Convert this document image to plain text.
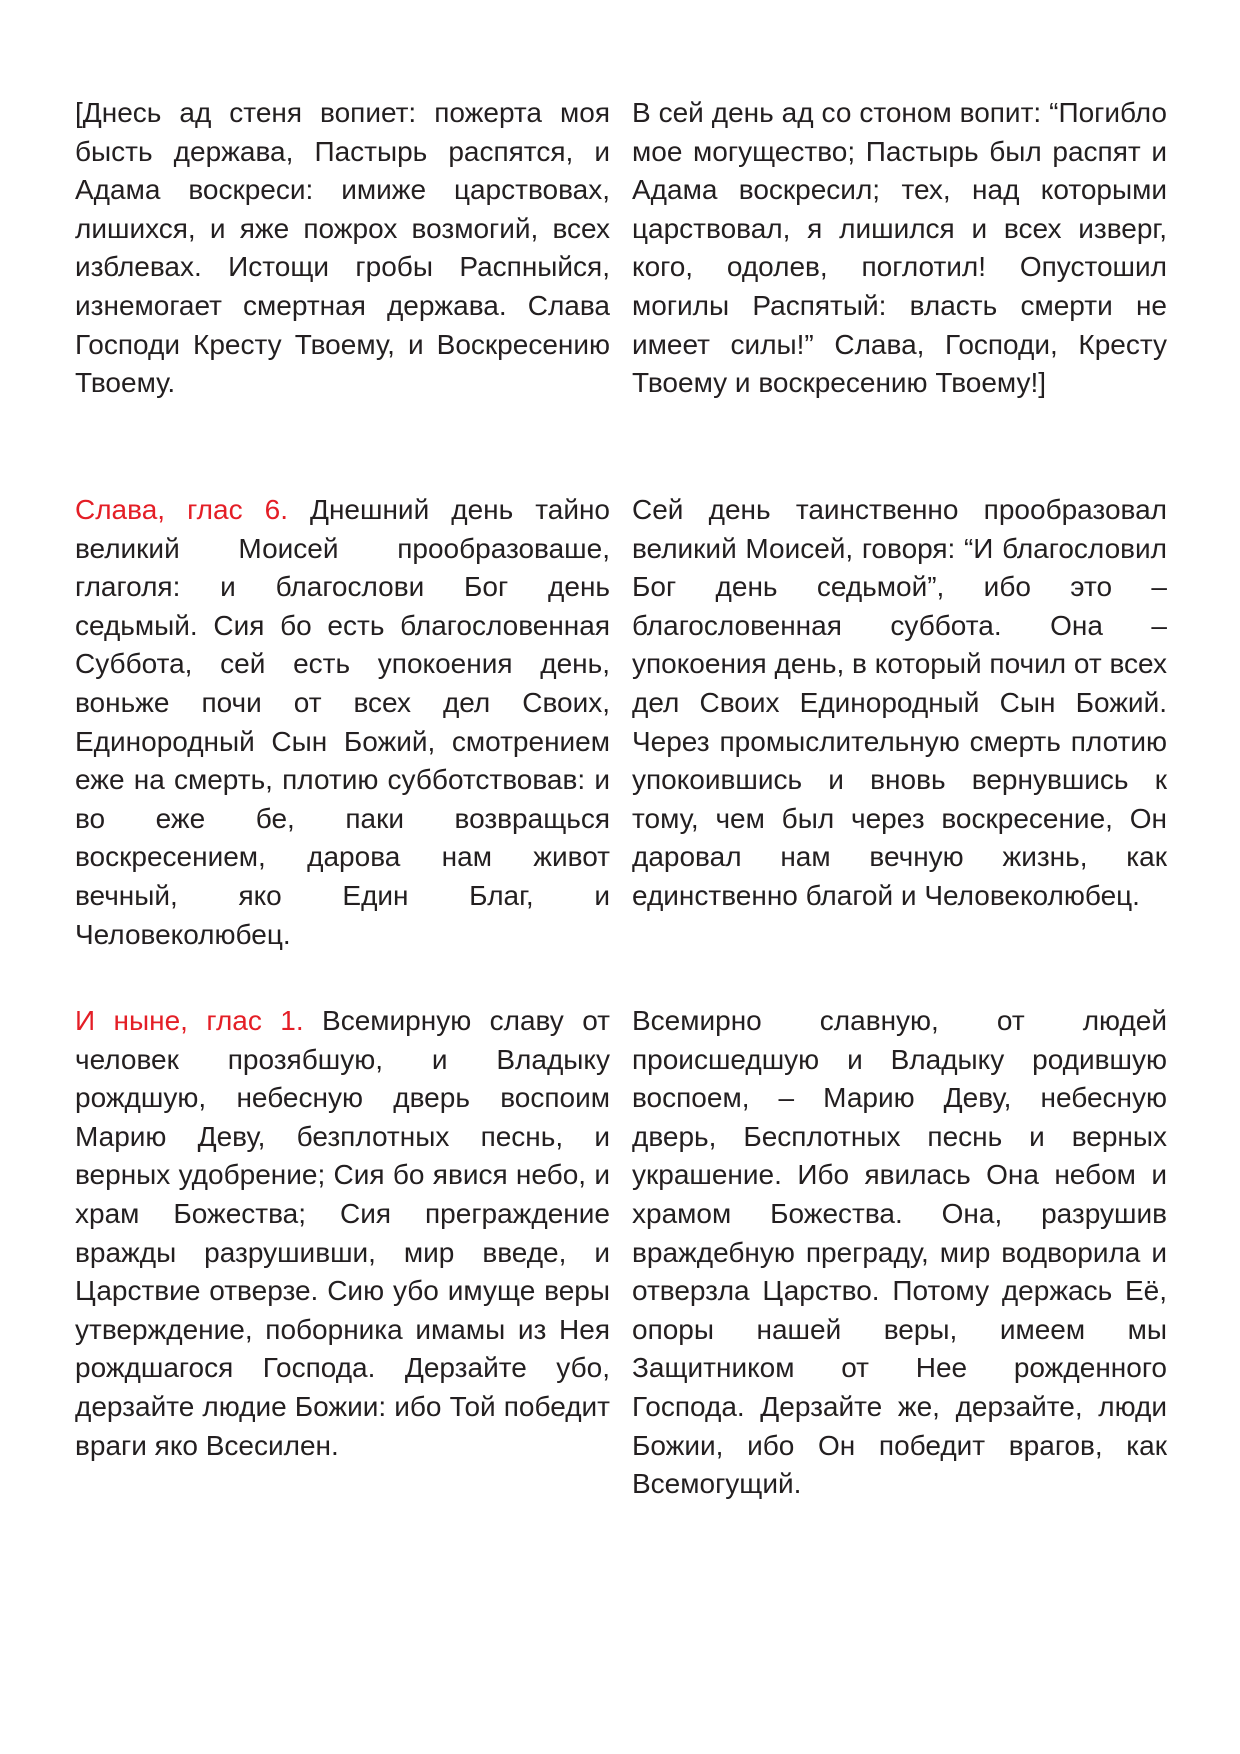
[Днесь ад стеня вопиет: пожерта моя бысть держава, Пастырь распятся, и Адама воскреси: имиже царствовах, лишихся, и яже пожрох возмогий, всех изблевах. Истощи гробы Распныйся, изнемогает смертная держава. Слава Господи Кресту Твоему, и Воскресению Твоему.

В сей день ад со стоном вопит: “Погибло мое могущество; Пастырь был распят и Адама воскресил; тех, над которыми царствовал, я лишился и всех изверг, кого, одолев, поглотил! Опустошил могилы Распятый: власть смерти не имеет силы!” Слава, Господи, Кресту Твоему и воскресению Твоему!]

Слава, глас 6. Днешний день тайно великий Моисей прообразоваше, глаголя: и благослови Бог день седьмый. Сия бо есть благословенная Суббота, сей есть упокоения день, воньже почи от всех дел Своих, Единородный Сын Божий, смотрением еже на смерть, плотию субботствовав: и во еже бе, паки возвращься воскресением, дарова нам живот вечный, яко Един Благ, и Человеколюбец.

Сей день таинственно прообразовал великий Моисей, говоря: “И благословил Бог день седьмой”, ибо это – благословенная суббота. Она – упокоения день, в который почил от всех дел Своих Единородный Сын Божий. Через промыслительную смерть плотию упокоившись и вновь вернувшись к тому, чем был через воскресение, Он даровал нам вечную жизнь, как единственно благой и Человеколюбец.

И ныне, глас 1. Всемирную славу от человек прозябшую, и Владыку рождшую, небесную дверь воспоим Марию Деву, безплотных песнь, и верных удобрение; Сия бо явися небо, и храм Божества; Сия преграждение вражды разрушивши, мир введе, и Царствие отверзе. Сию убо имуще веры утверждение, поборника имамы из Нея рождшагося Господа. Дерзайте убо, дерзайте людие Божии: ибо Той победит враги яко Всесилен.

Всемирно славную, от людей происшедшую и Владыку родившую воспоем, – Марию Деву, небесную дверь, Бесплотных песнь и верных украшение. Ибо явилась Она небом и храмом Божества. Она, разрушив враждебную преграду, мир водворила и отверзла Царство. Потому держась Её, опоры нашей веры, имеем мы Защитником от Нее рожденного Господа. Дерзайте же, дерзайте, люди Божии, ибо Он победит врагов, как Всемогущий.
